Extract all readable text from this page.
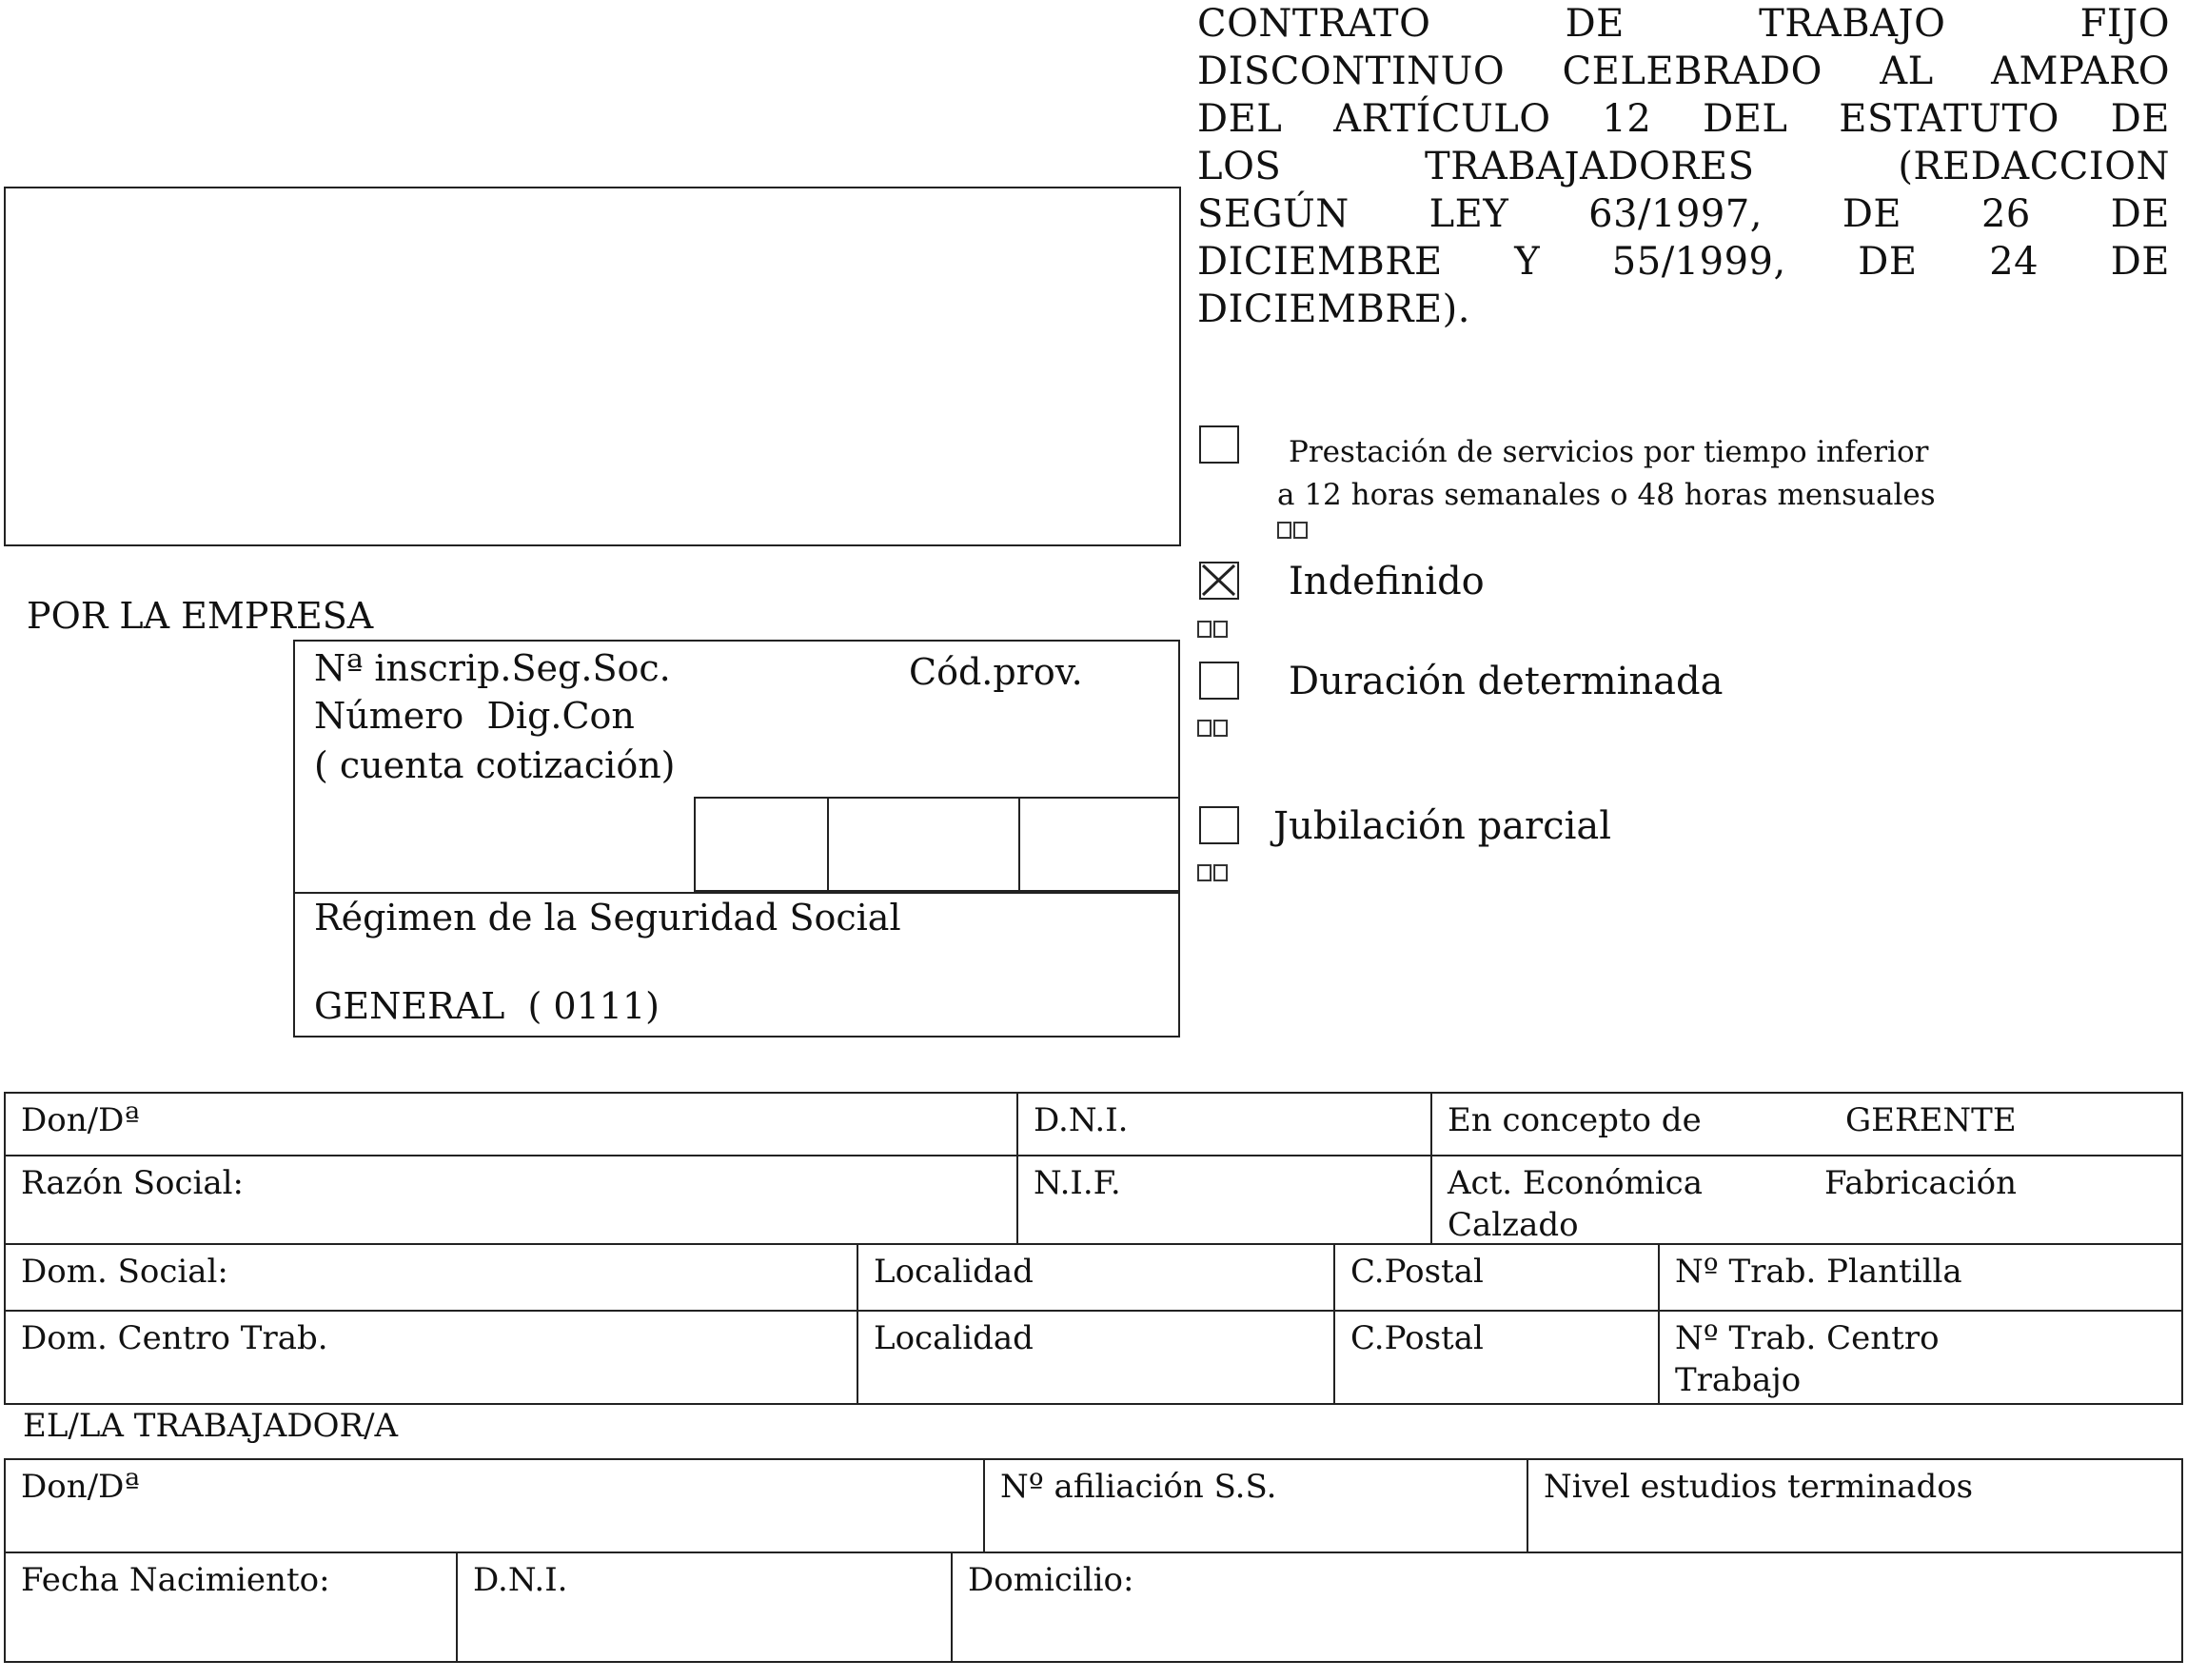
CONTRATO DE TRABAJO FIJO
DISCONTINUO CELEBRADO AL AMPARO
DEL ARTÍCULO 12 DEL ESTATUTO DE
LOS TRABAJADORES (REDACCION
SEGÚN LEY 63/1997, DE 26 DE
DICIEMBRE Y 55/1999, DE 24 DE
DICIEMBRE).
Prestación de servicios por tiempo inferior
a 12 horas semanales o 48 horas mensuales
Indefinido
Duración determinada
Jubilación parcial
POR LA EMPRESA
Nª inscrip.Seg.Soc.	Cód.prov.
Número  Dig.Con
( cuenta cotización)
Régimen de la Seguridad Social
GENERAL  ( 0111)
Don/Dª	D.N.I.	En concepto de	GERENTE
Razón Social:	N.I.F.	Act. Económica	Fabricación
Calzado
Dom. Social:	Localidad	C.Postal	Nº Trab. Plantilla
Dom. Centro Trab.	Localidad	C.Postal	Nº Trab. Centro
Trabajo
EL/LA TRABAJADOR/A
Don/Dª	Nº afiliación S.S.	Nivel estudios terminados
Fecha Nacimiento:	D.N.I.	Domicilio:
